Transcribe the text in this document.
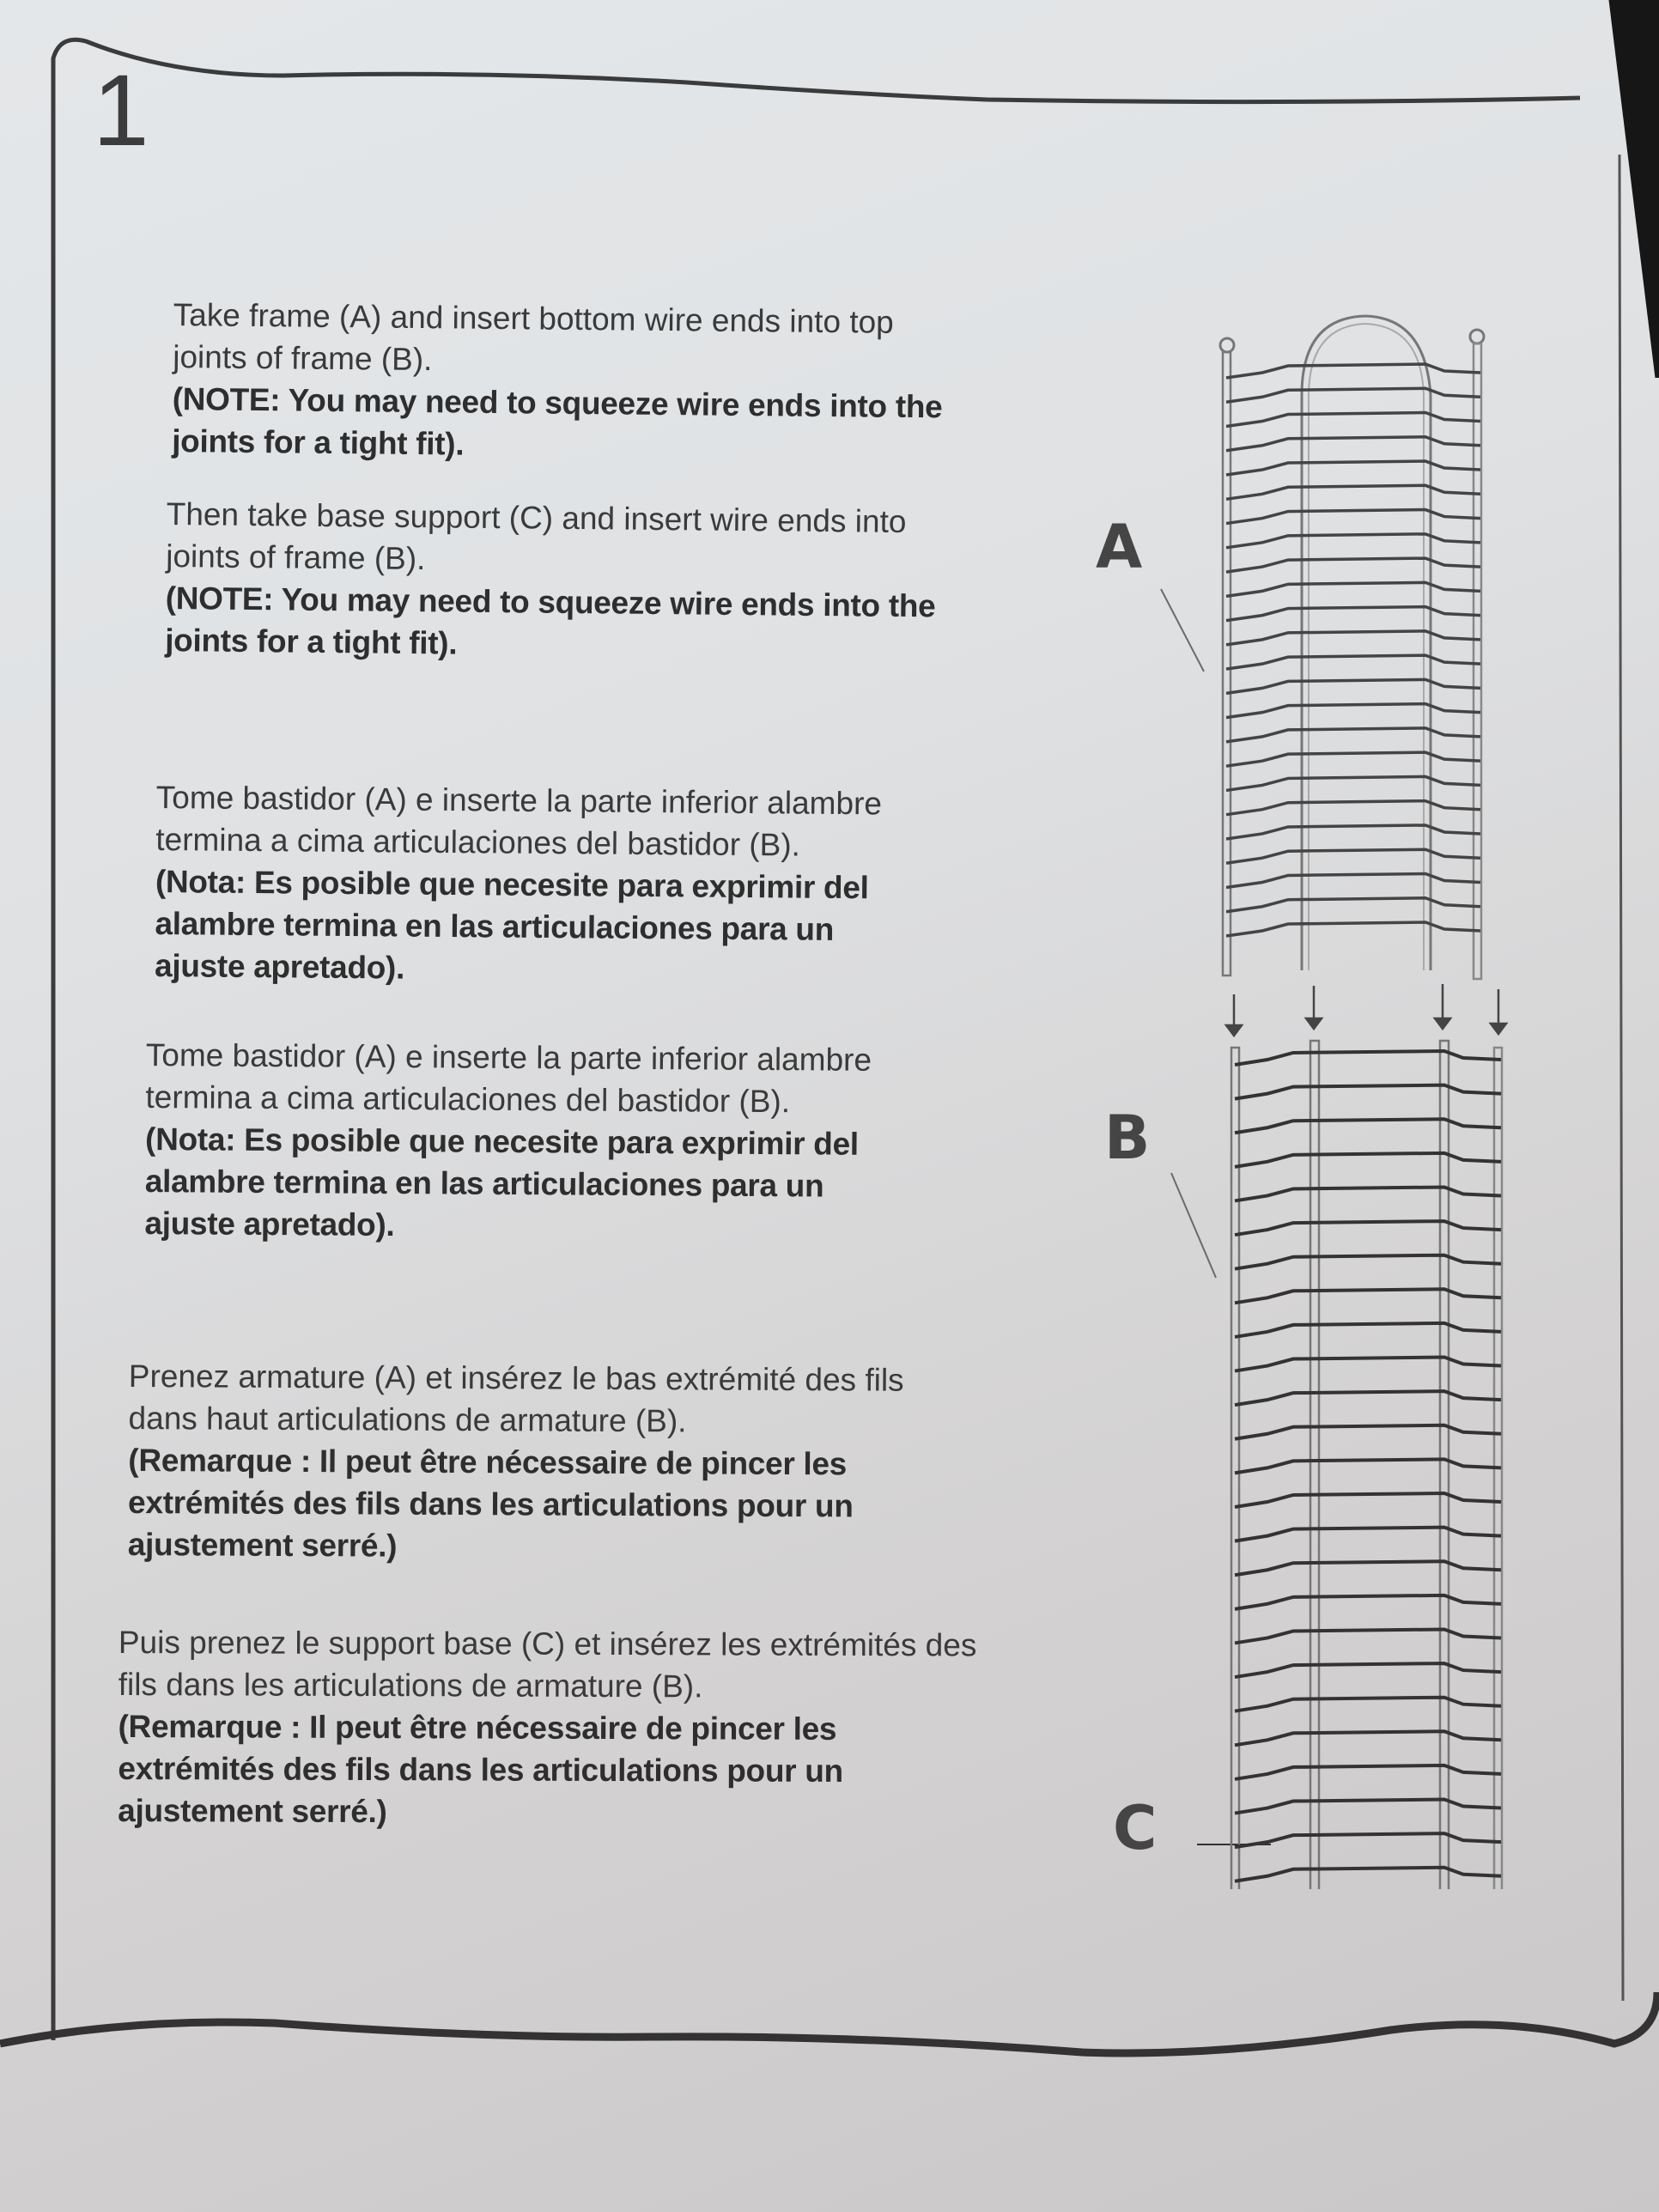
1
Take frame (A) and insert bottom wire ends into top joints of frame (B).
(NOTE: You may need to squeeze wire ends into the joints for a tight fit).
Then take base support (C) and insert wire ends into joints of frame (B).
(NOTE: You may need to squeeze wire ends into the joints for a tight fit).
Tome bastidor (A) e inserte la parte inferior alambre termina a cima articulaciones del bastidor (B).
(Nota: Es posible que necesite para exprimir del alambre termina en las articulaciones para un ajuste apretado).
Tome bastidor (A) e inserte la parte inferior alambre termina a cima articulaciones del bastidor (B).
(Nota: Es posible que necesite para exprimir del alambre termina en las articulaciones para un ajuste apretado).
Prenez armature (A) et insérez le bas extrémité des fils dans haut articulations de armature (B).
(Remarque : Il peut être nécessaire de pincer les extrémités des fils dans les articulations pour un ajustement serré.)
Puis prenez le support base (C) et insérez les extrémités des fils dans les articulations de armature (B).
(Remarque : Il peut être nécessaire de pincer les extrémités des fils dans les articulations pour un ajustement serré.)
A
B
C
